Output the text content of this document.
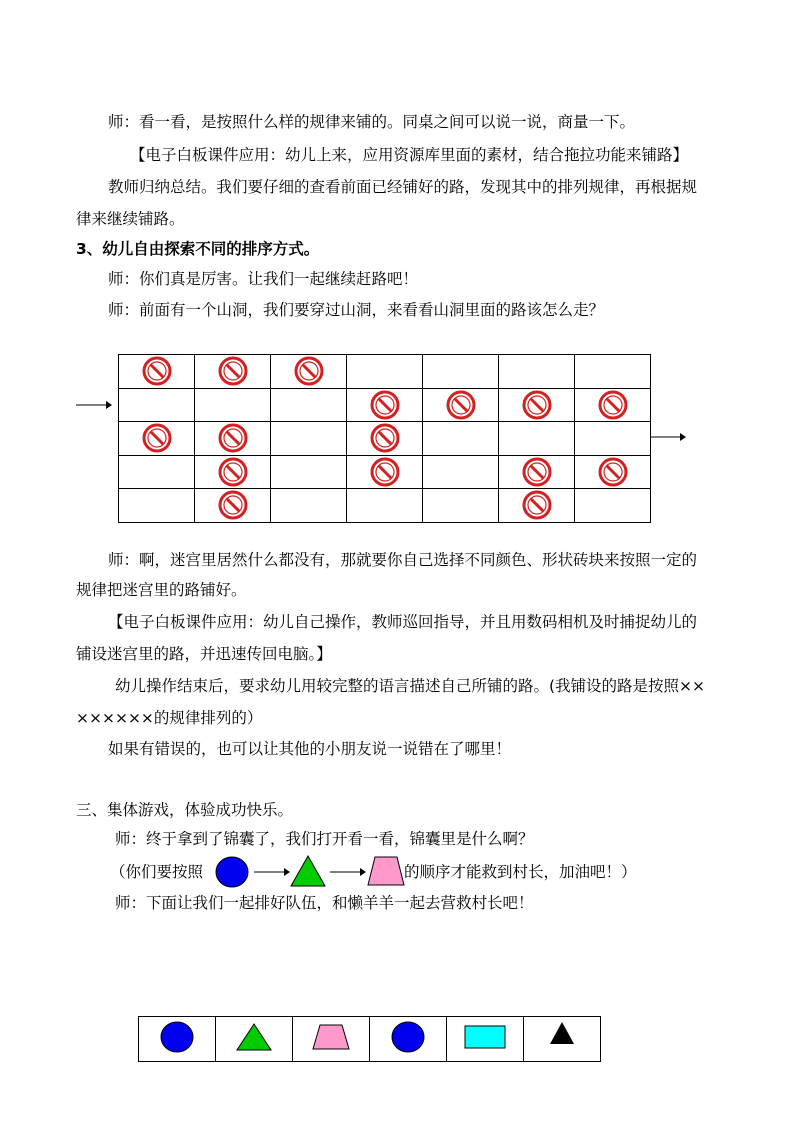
师：看一看，是按照什么样的规律来铺的。同桌之间可以说一说，商量一下。
【电子白板课件应用：幼儿上来，应用资源库里面的素材，结合拖拉功能来铺路】
教师归纳总结。我们要仔细的查看前面已经铺好的路，发现其中的排列规律，再根据规
律来继续铺路。
3、幼儿自由探索不同的排序方式。
师：你们真是厉害。让我们一起继续赶路吧！
师：前面有一个山洞，我们要穿过山洞，来看看山洞里面的路该怎么走？

师：啊，迷宫里居然什么都没有，那就要你自己选择不同颜色、形状砖块来按照一定的
规律把迷宫里的路铺好。
【电子白板课件应用：幼儿自己操作，教师巡回指导，并且用数码相机及时捕捉幼儿的
铺设迷宫里的路，并迅速传回电脑。】
幼儿操作结束后，要求幼儿用较完整的语言描述自己所铺的路。(我铺设的路是按照××
××××××的规律排列的）
如果有错误的，也可以让其他的小朋友说一说错在了哪里！
三、集体游戏，体验成功快乐。
师：终于拿到了锦囊了，我们打开看一看，锦囊里是什么啊？
（你们要按照	的顺序才能救到村长，加油吧！）
师：下面让我们一起排好队伍，和懒羊羊一起去营救村长吧！
